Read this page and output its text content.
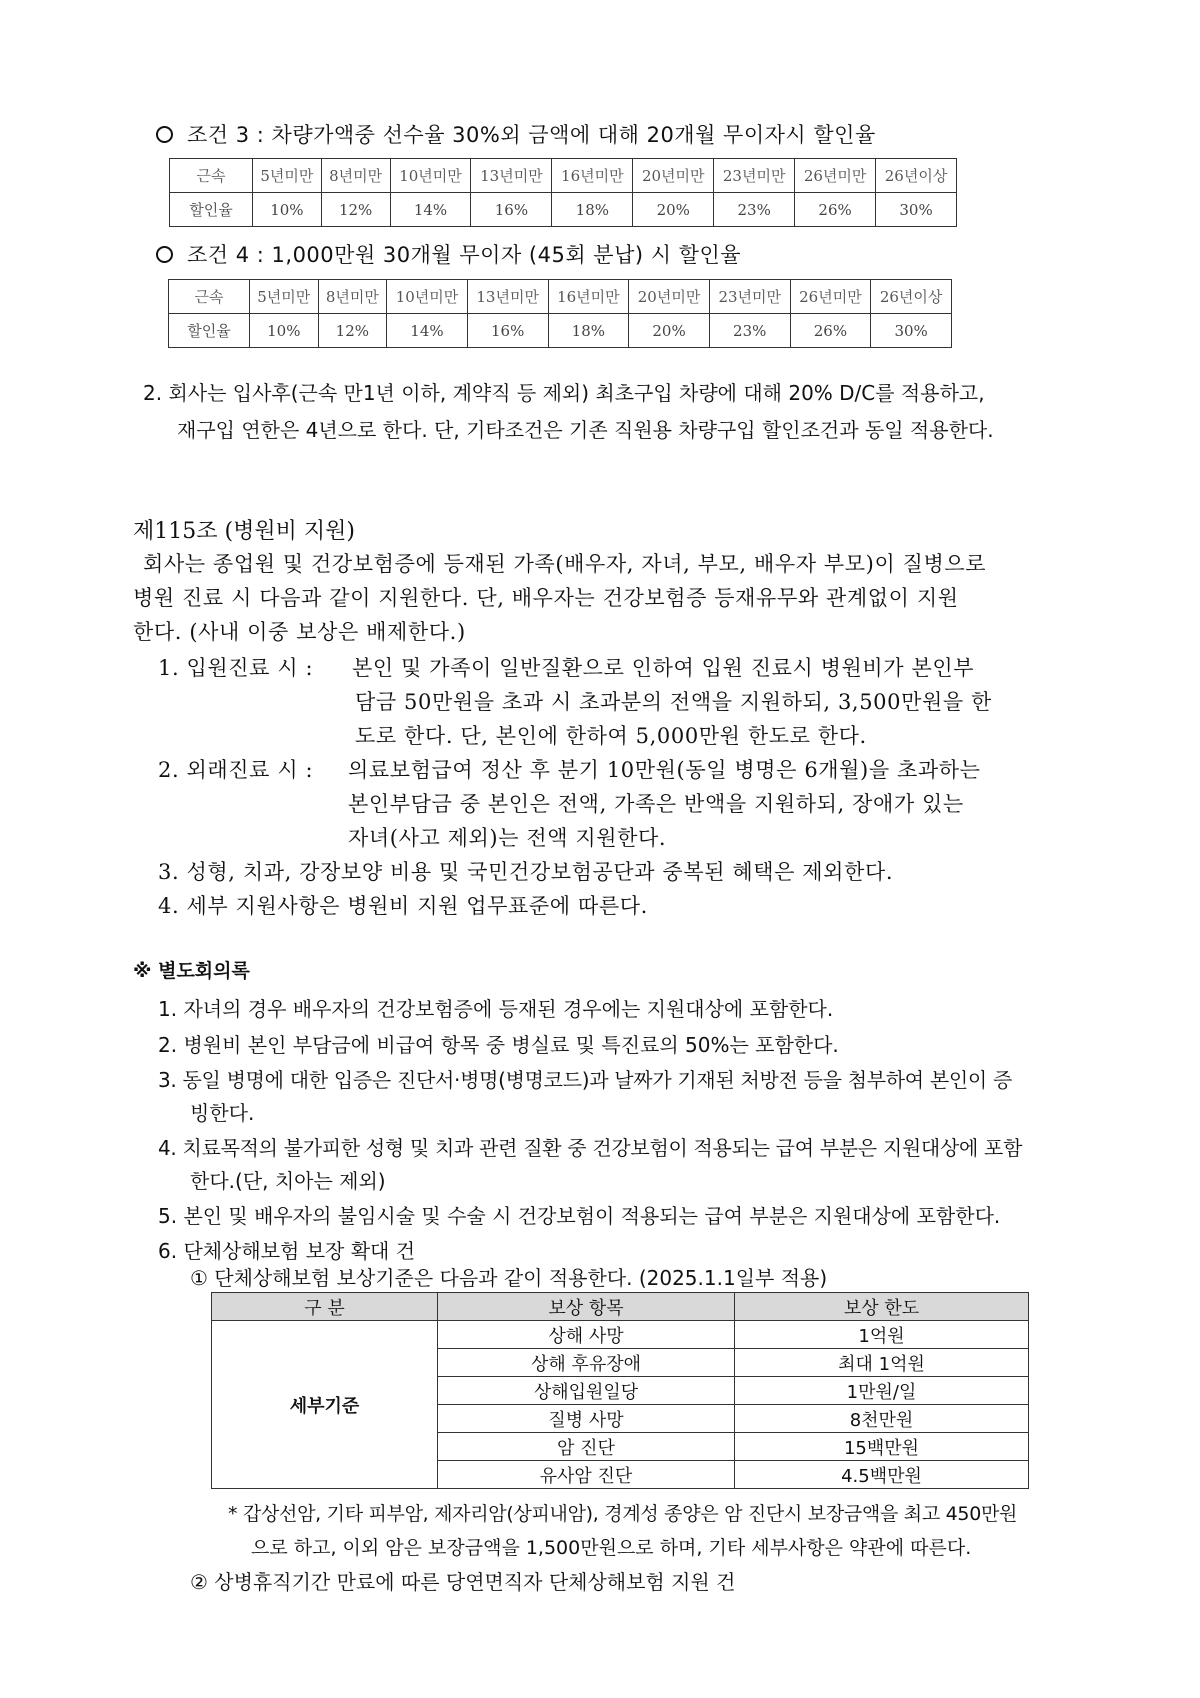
조건 3 : 차량가액중 선수율 30%외 금액에 대해 20개월 무이자시 할인율
근속	5년미만	8년미만	10년미만	13년미만	16년미만	20년미만	23년미만	26년미만	26년이상
할인율	10%	12%	14%	16%	18%	20%	23%	26%	30%
조건 4 : 1,000만원 30개월 무이자 (45회 분납) 시 할인율
근속	5년미만	8년미만	10년미만	13년미만	16년미만	20년미만	23년미만	26년미만	26년이상
할인율	10%	12%	14%	16%	18%	20%	23%	26%	30%
2. 회사는 입사후(근속 만1년 이하, 계약직 등 제외) 최초구입 차량에 대해 20% D/C를 적용하고,
재구입 연한은 4년으로 한다. 단, 기타조건은 기존 직원용 차량구입 할인조건과 동일 적용한다.
제115조 (병원비 지원)
회사는 종업원 및 건강보험증에 등재된 가족(배우자, 자녀, 부모, 배우자 부모)이 질병으로
병원 진료 시 다음과 같이 지원한다. 단, 배우자는 건강보험증 등재유무와 관계없이 지원
한다. (사내 이중 보상은 배제한다.)
1. 입원진료 시 : 본인 및 가족이 일반질환으로 인하여 입원 진료시 병원비가 본인부
담금 50만원을 초과 시 초과분의 전액을 지원하되, 3,500만원을 한
도로 한다. 단, 본인에 한하여 5,000만원 한도로 한다.
2. 외래진료 시 : 의료보험급여 정산 후 분기 10만원(동일 병명은 6개월)을 초과하는
본인부담금 중 본인은 전액, 가족은 반액을 지원하되, 장애가 있는
자녀(사고 제외)는 전액 지원한다.
3. 성형, 치과, 강장보양 비용 및 국민건강보험공단과 중복된 혜택은 제외한다.
4. 세부 지원사항은 병원비 지원 업무표준에 따른다.
※ 별도회의록
1. 자녀의 경우 배우자의 건강보험증에 등재된 경우에는 지원대상에 포함한다.
2. 병원비 본인 부담금에 비급여 항목 중 병실료 및 특진료의 50%는 포함한다.
3. 동일 병명에 대한 입증은 진단서·병명(병명코드)과 날짜가 기재된 처방전 등을 첨부하여 본인이 증
빙한다.
4. 치료목적의 불가피한 성형 및 치과 관련 질환 중 건강보험이 적용되는 급여 부분은 지원대상에 포함
한다.(단, 치아는 제외)
5. 본인 및 배우자의 불임시술 및 수술 시 건강보험이 적용되는 급여 부분은 지원대상에 포함한다.
6. 단체상해보험 보장 확대 건
① 단체상해보험 보상기준은 다음과 같이 적용한다. (2025.1.1일부 적용)
구 분	보상 항목	보상 한도
세부기준	상해 사망	1억원
	상해 후유장애	최대 1억원
	상해입원일당	1만원/일
	질병 사망	8천만원
	암 진단	15백만원
	유사암 진단	4.5백만원
* 갑상선암, 기타 피부암, 제자리암(상피내암), 경계성 종양은 암 진단시 보장금액을 최고 450만원
으로 하고, 이외 암은 보장금액을 1,500만원으로 하며, 기타 세부사항은 약관에 따른다.
② 상병휴직기간 만료에 따른 당연면직자 단체상해보험 지원 건
